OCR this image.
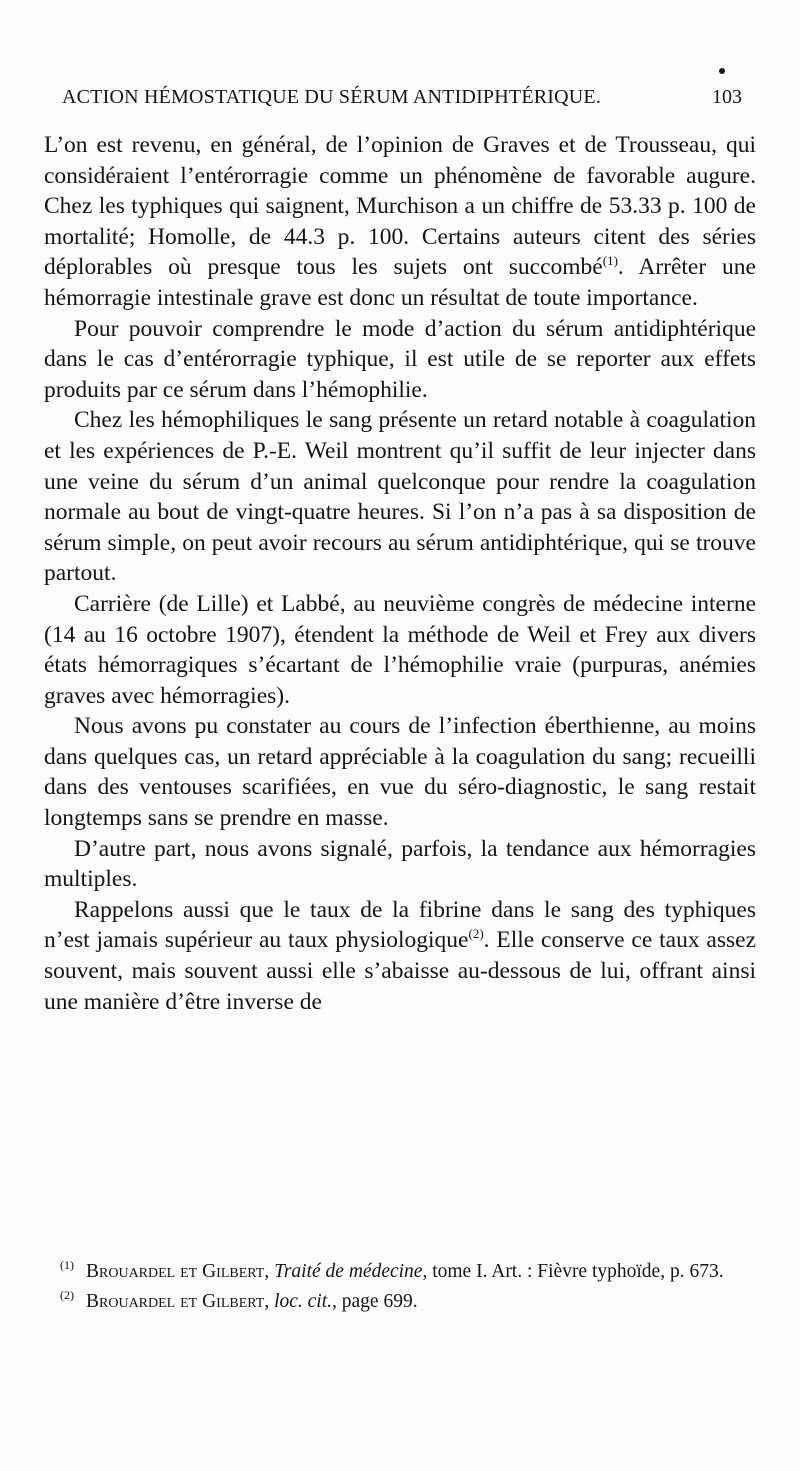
ACTION HÉMOSTATIQUE DU SÉRUM ANTIDIPHTÉRIQUE.	103

L’on est revenu, en général, de l’opinion de Graves et de Trousseau, qui considéraient l’entérorragie comme un phénomène de favorable augure. Chez les typhiques qui saignent, Murchison a un chiffre de 53.33 p. 100 de mortalité; Homolle, de 44.3 p. 100. Certains auteurs citent des séries déplorables où presque tous les sujets ont succombé$^{(1)}$. Arrêter une hémorragie intestinale grave est donc un résultat de toute importance.

Pour pouvoir comprendre le mode d’action du sérum antidiphtérique dans le cas d’entérorragie typhique, il est utile de se reporter aux effets produits par ce sérum dans l’hémophilie.

Chez les hémophiliques le sang présente un retard notable à coagulation et les expériences de P.-E. Weil montrent qu’il suffit de leur injecter dans une veine du sérum d’un animal quelconque pour rendre la coagulation normale au bout de vingt-quatre heures. Si l’on n’a pas à sa disposition de sérum simple, on peut avoir recours au sérum antidiphtérique, qui se trouve partout.

Carrière (de Lille) et Labbé, au neuvième congrès de médecine interne (14 au 16 octobre 1907), étendent la méthode de Weil et Frey aux divers états hémorragiques s’écartant de l’hémophilie vraie (purpuras, anémies graves avec hémorragies).

Nous avons pu constater au cours de l’infection éberthienne, au moins dans quelques cas, un retard appréciable à la coagulation du sang; recueilli dans des ventouses scarifiées, en vue du séro-diagnostic, le sang restait longtemps sans se prendre en masse.

D’autre part, nous avons signalé, parfois, la tendance aux hémorragies multiples.

Rappelons aussi que le taux de la fibrine dans le sang des typhiques n’est jamais supérieur au taux physiologique$^{(2)}$. Elle conserve ce taux assez souvent, mais souvent aussi elle s’abaisse au-dessous de lui, offrant ainsi une manière d’être inverse de

$^{(1)}$ Brouardel et Gilbert, Traité de médecine, tome I. Art. : Fièvre typhoïde, p. 673.

$^{(2)}$ Brouardel et Gilbert, loc. cit., page 699.
